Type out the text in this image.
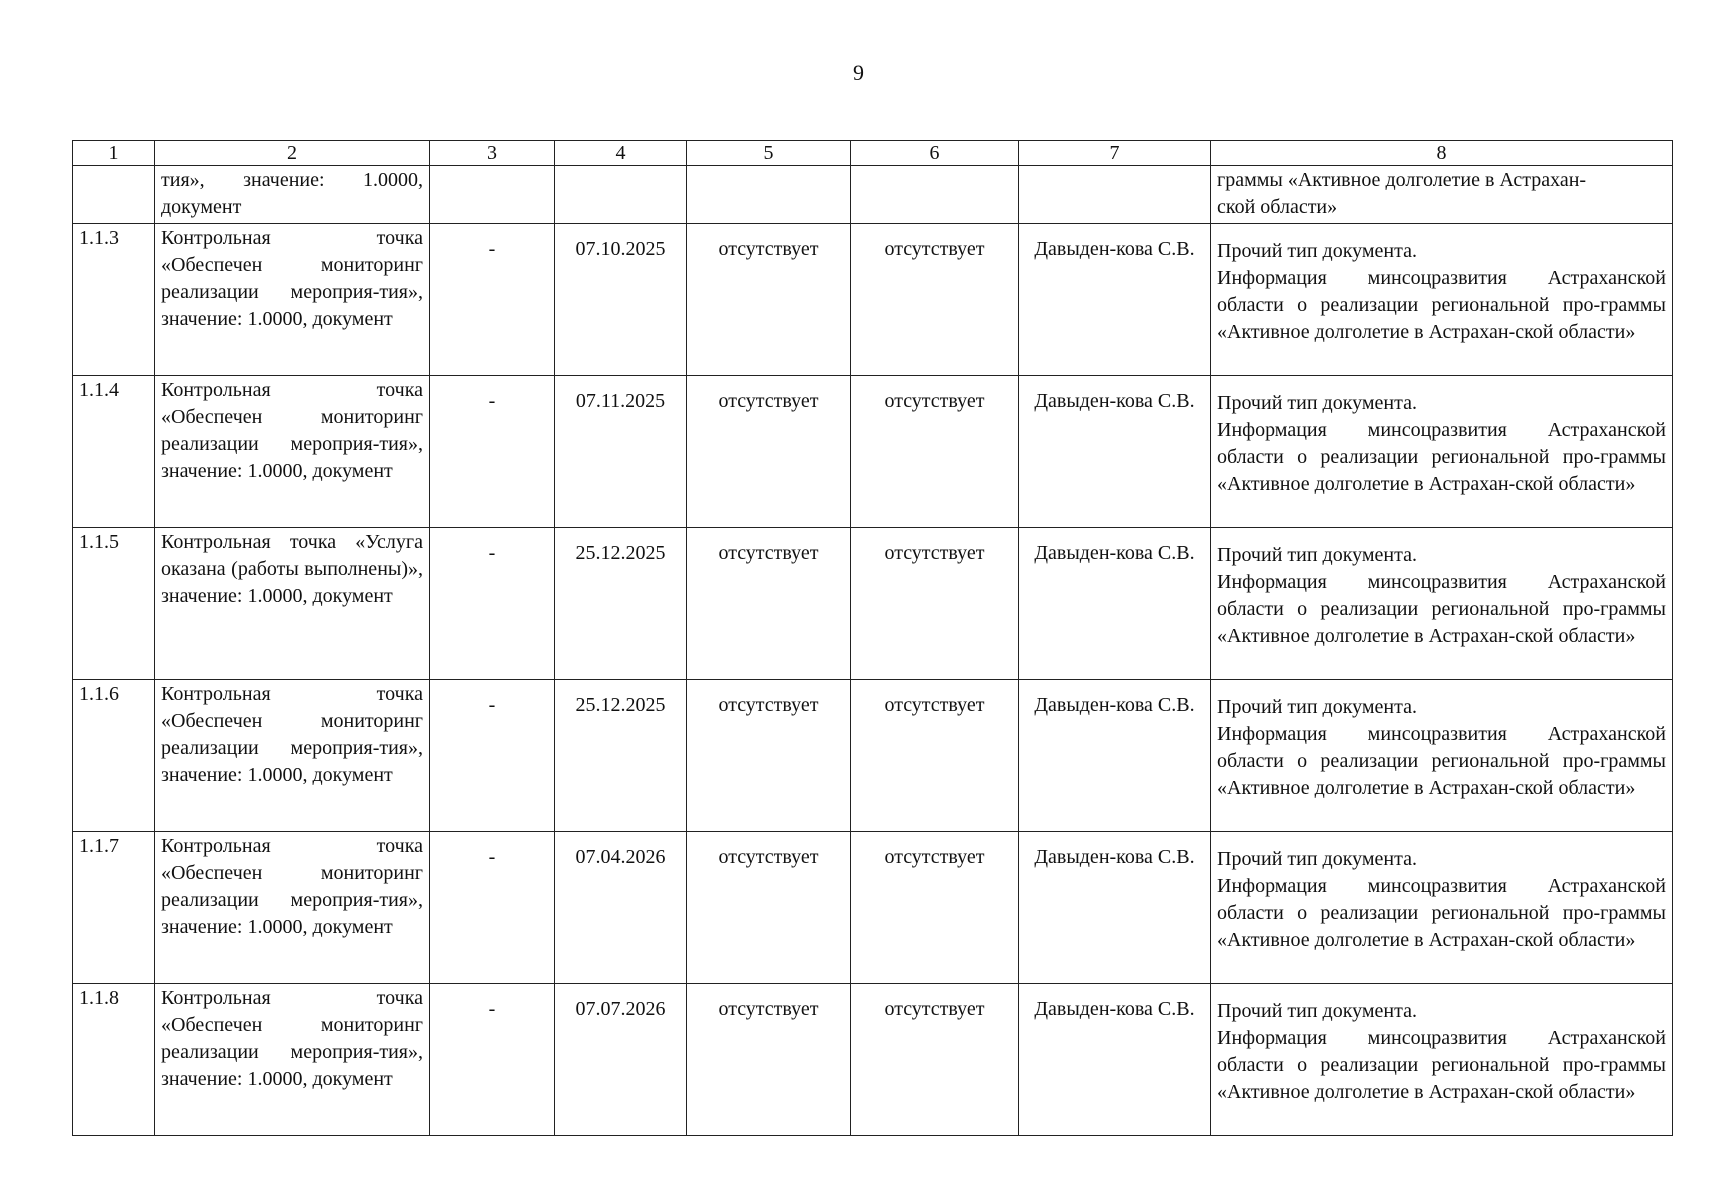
9
1	2	3	4	5	6	7	8
	тия», значение: 1.0000, документ						граммы «Активное долголетие в Астрахан-
ской области»

1.1.3	Контрольная точка «Обеспечен мониторинг реализации мероприя-тия», значение: 1.0000, документ	-	07.10.2025	отсутствует	отсутствует	Давыден-кова С.В.	Прочий тип документа.
Информация минсоцразвития Астраханской области о реализации региональной про-граммы «Активное долголетие в Астрахан-ской области»

1.1.4	Контрольная точка «Обеспечен мониторинг реализации мероприя-тия», значение: 1.0000, документ	-	07.11.2025	отсутствует	отсутствует	Давыден-кова С.В.	Прочий тип документа.
Информация минсоцразвития Астраханской области о реализации региональной про-граммы «Активное долголетие в Астрахан-ской области»

1.1.5	Контрольная точка «Услуга оказана (работы выполнены)», значение: 1.0000, документ	-	25.12.2025	отсутствует	отсутствует	Давыден-кова С.В.	Прочий тип документа.
Информация минсоцразвития Астраханской области о реализации региональной про-граммы «Активное долголетие в Астрахан-ской области»

1.1.6	Контрольная точка «Обеспечен мониторинг реализации мероприя-тия», значение: 1.0000, документ	-	25.12.2025	отсутствует	отсутствует	Давыден-кова С.В.	Прочий тип документа.
Информация минсоцразвития Астраханской области о реализации региональной про-граммы «Активное долголетие в Астрахан-ской области»

1.1.7	Контрольная точка «Обеспечен мониторинг реализации мероприя-тия», значение: 1.0000, документ	-	07.04.2026	отсутствует	отсутствует	Давыден-кова С.В.	Прочий тип документа.
Информация минсоцразвития Астраханской области о реализации региональной про-граммы «Активное долголетие в Астрахан-ской области»

1.1.8	Контрольная точка «Обеспечен мониторинг реализации мероприя-тия», значение: 1.0000, документ	-	07.07.2026	отсутствует	отсутствует	Давыден-кова С.В.	Прочий тип документа.
Информация минсоцразвития Астраханской области о реализации региональной про-граммы «Активное долголетие в Астрахан-ской области»
